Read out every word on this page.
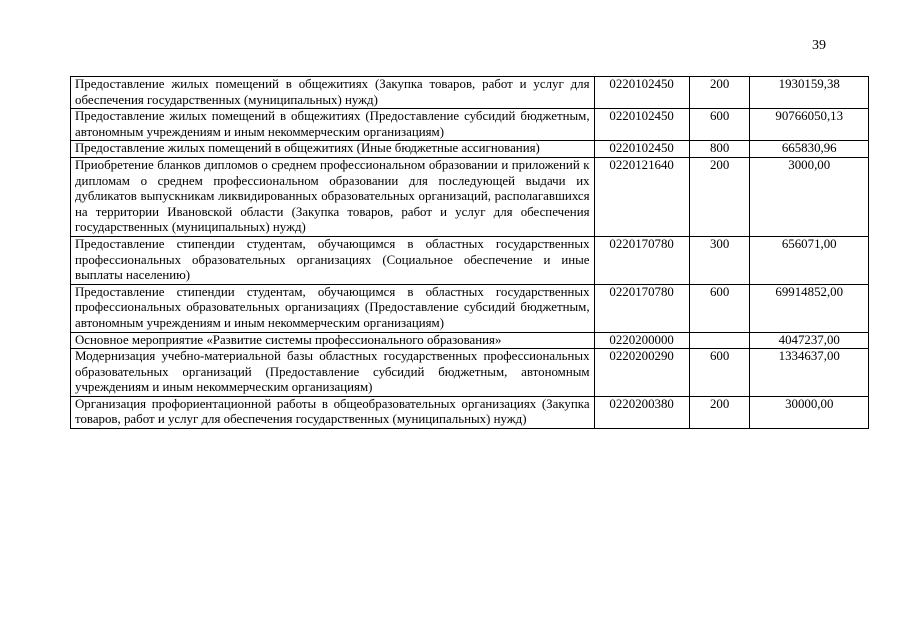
39
Предоставление жилых помещений в общежитиях (Закупка товаров, работ и услуг для обеспечения государственных (муниципальных) нужд)	0220102450	200	1930159,38
Предоставление жилых помещений в общежитиях (Предоставление субсидий бюджетным, автономным учреждениям и иным некоммерческим организациям)	0220102450	600	90766050,13
Предоставление жилых помещений в общежитиях (Иные бюджетные ассигнования)	0220102450	800	665830,96
Приобретение бланков дипломов о среднем профессиональном образовании и приложений к дипломам о среднем профессиональном образовании для последующей выдачи их дубликатов выпускникам ликвидированных образовательных организаций, располагавшихся на территории Ивановской области (Закупка товаров, работ и услуг для обеспечения государственных (муниципальных) нужд)	0220121640	200	3000,00
Предоставление стипендии студентам, обучающимся в областных государственных профессиональных образовательных организациях (Социальное обеспечение и иные выплаты населению)	0220170780	300	656071,00
Предоставление стипендии студентам, обучающимся в областных государственных профессиональных образовательных организациях (Предоставление субсидий бюджетным, автономным учреждениям и иным некоммерческим организациям)	0220170780	600	69914852,00
Основное мероприятие «Развитие системы профессионального образования»	0220200000		4047237,00
Модернизация учебно-материальной базы областных государственных профессиональных образовательных организаций (Предоставление субсидий бюджетным, автономным учреждениям и иным некоммерческим организациям)	0220200290	600	1334637,00
Организация профориентационной работы в общеобразовательных организациях (Закупка товаров, работ и услуг для обеспечения государственных (муниципальных) нужд)	0220200380	200	30000,00
